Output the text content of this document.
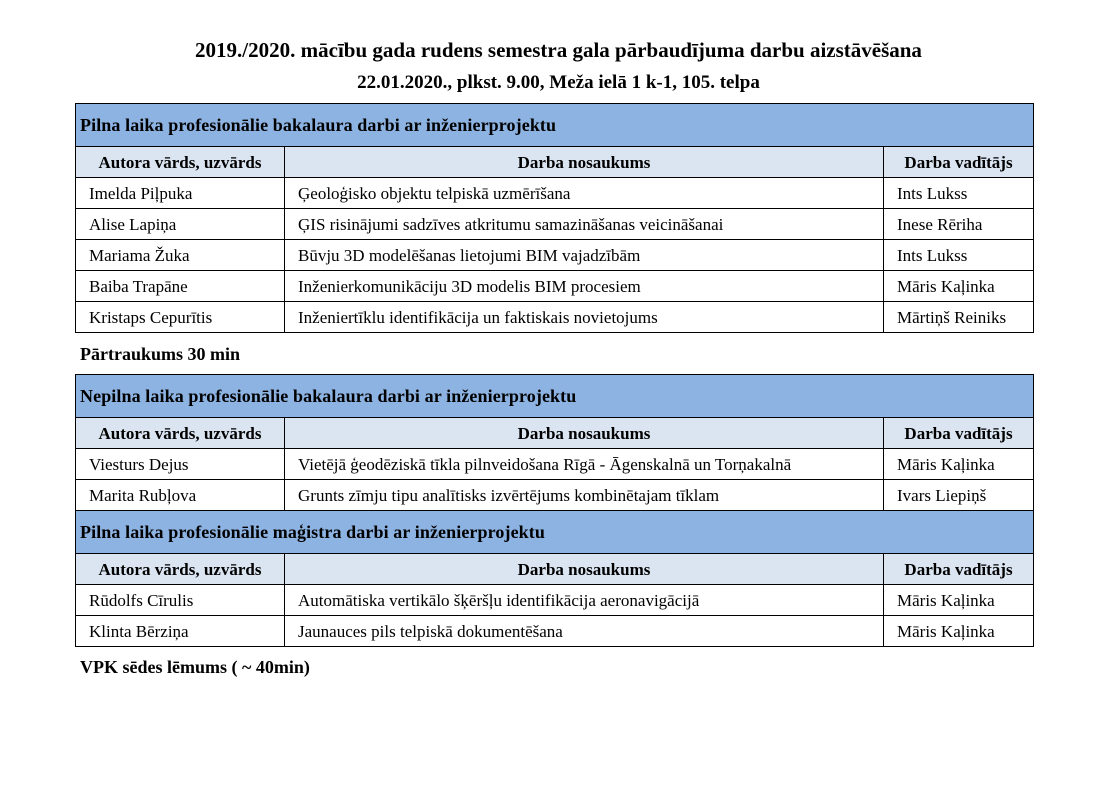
2019./2020. mācību gada rudens semestra gala pārbaudījuma darbu aizstāvēšana
22.01.2020., plkst. 9.00, Meža ielā 1 k-1, 105. telpa
Pilna laika profesionālie bakalaura darbi ar inženierprojektu		
Autora vārds, uzvārds	Darba nosaukums	Darba vadītājs
Imelda Piļpuka	Ģeoloģisko objektu telpiskā uzmērīšana	Ints Lukss
Alise Lapiņa	ĢIS risinājumi sadzīves atkritumu samazināšanas veicināšanai	Inese Rēriha
Mariama Žuka	Būvju 3D modelēšanas lietojumi BIM vajadzībām	Ints Lukss
Baiba Trapāne	Inženierkomunikāciju 3D modelis BIM procesiem	Māris Kaļinka
Kristaps Cepurītis	Inženiertīklu identifikācija un faktiskais novietojums	Mārtiņš Reiniks
Pārtraukums 30 min
Nepilna laika profesionālie bakalaura darbi ar inženierprojektu		
Autora vārds, uzvārds	Darba nosaukums	Darba vadītājs
Viesturs Dejus	Vietējā ģeodēziskā tīkla pilnveidošana Rīgā - Āgenskalnā un Torņakalnā	Māris Kaļinka
Marita Rubļova	Grunts zīmju tipu analītisks izvērtējums kombinētajam tīklam	Ivars Liepiņš
Pilna laika profesionālie maģistra darbi ar inženierprojektu		
Autora vārds, uzvārds	Darba nosaukums	Darba vadītājs
Rūdolfs Cīrulis	Automātiska vertikālo šķēršļu identifikācija aeronavigācijā	Māris Kaļinka
Klinta Bērziņa	Jaunauces pils telpiskā dokumentēšana	Māris Kaļinka
VPK sēdes lēmums ( ~ 40min)
